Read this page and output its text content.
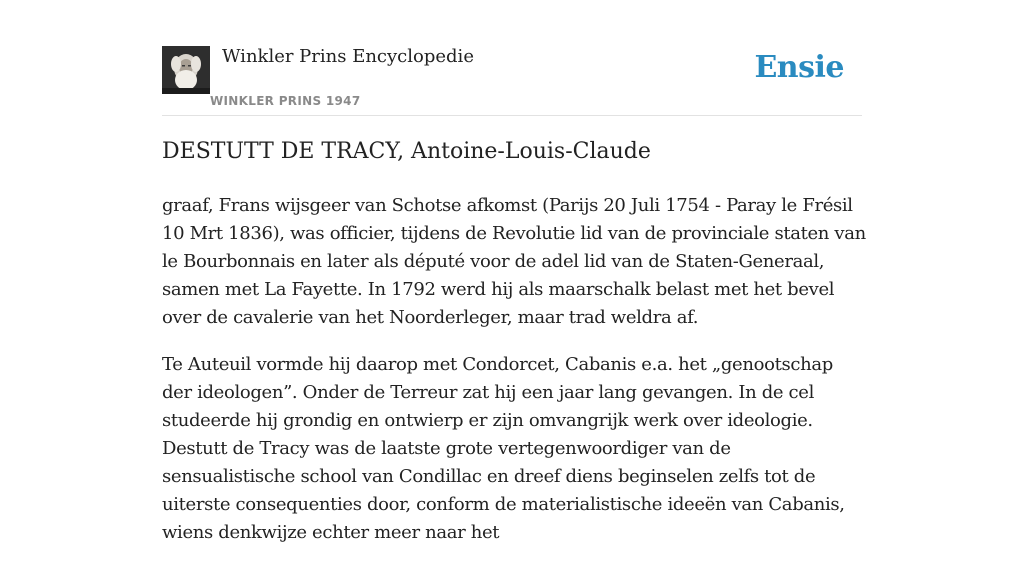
Winkler Prins Encyclopedie
WINKLER PRINS 1947
Ensie
DESTUTT DE TRACY, Antoine-Louis-Claude

graaf, Frans wijsgeer van Schotse afkomst (Parijs 20 Juli 1754 - Paray le Frésil 10 Mrt 1836), was officier, tijdens de Revolutie lid van de provinciale staten van le Bourbonnais en later als député voor de adel lid van de Staten-Generaal, samen met La Fayette. In 1792 werd hij als maarschalk belast met het bevel over de cavalerie van het Noorderleger, maar trad weldra af.

Te Auteuil vormde hij daarop met Condorcet, Cabanis e.a. het „genootschap der ideologen”. Onder de Terreur zat hij een jaar lang gevangen. In de cel studeerde hij grondig en ontwierp er zijn omvangrijk werk over ideologie. Destutt de Tracy was de laatste grote vertegenwoordiger van de sensualistische school van Condillac en dreef diens beginselen zelfs tot de uiterste consequenties door, conform de materialistische ideeën van Cabanis, wiens denkwijze echter meer naar het
